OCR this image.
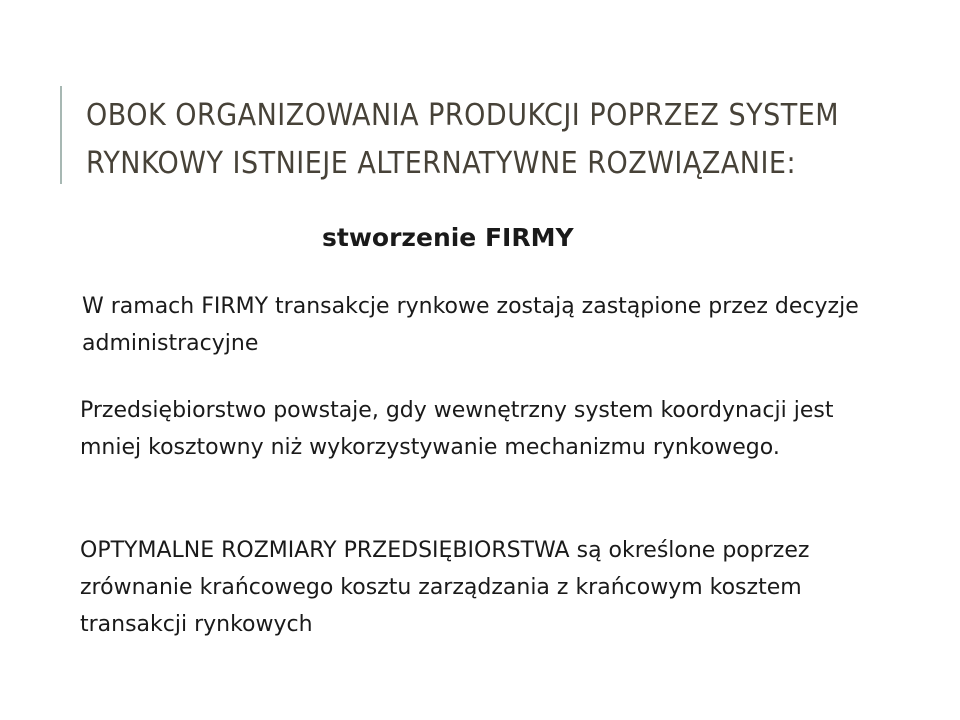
OBOK ORGANIZOWANIA PRODUKCJI POPRZEZ SYSTEM RYNKOWY ISTNIEJE ALTERNATYWNE ROZWIĄZANIE:
stworzenie FIRMY

W ramach FIRMY transakcje rynkowe zostają zastąpione przez decyzje administracyjne

Przedsiębiorstwo powstaje, gdy wewnętrzny system koordynacji jest mniej kosztowny niż wykorzystywanie mechanizmu rynkowego.

OPTYMALNE ROZMIARY PRZEDSIĘBIORSTWA są określone poprzez zrównanie krańcowego kosztu zarządzania z krańcowym kosztem transakcji rynkowych
